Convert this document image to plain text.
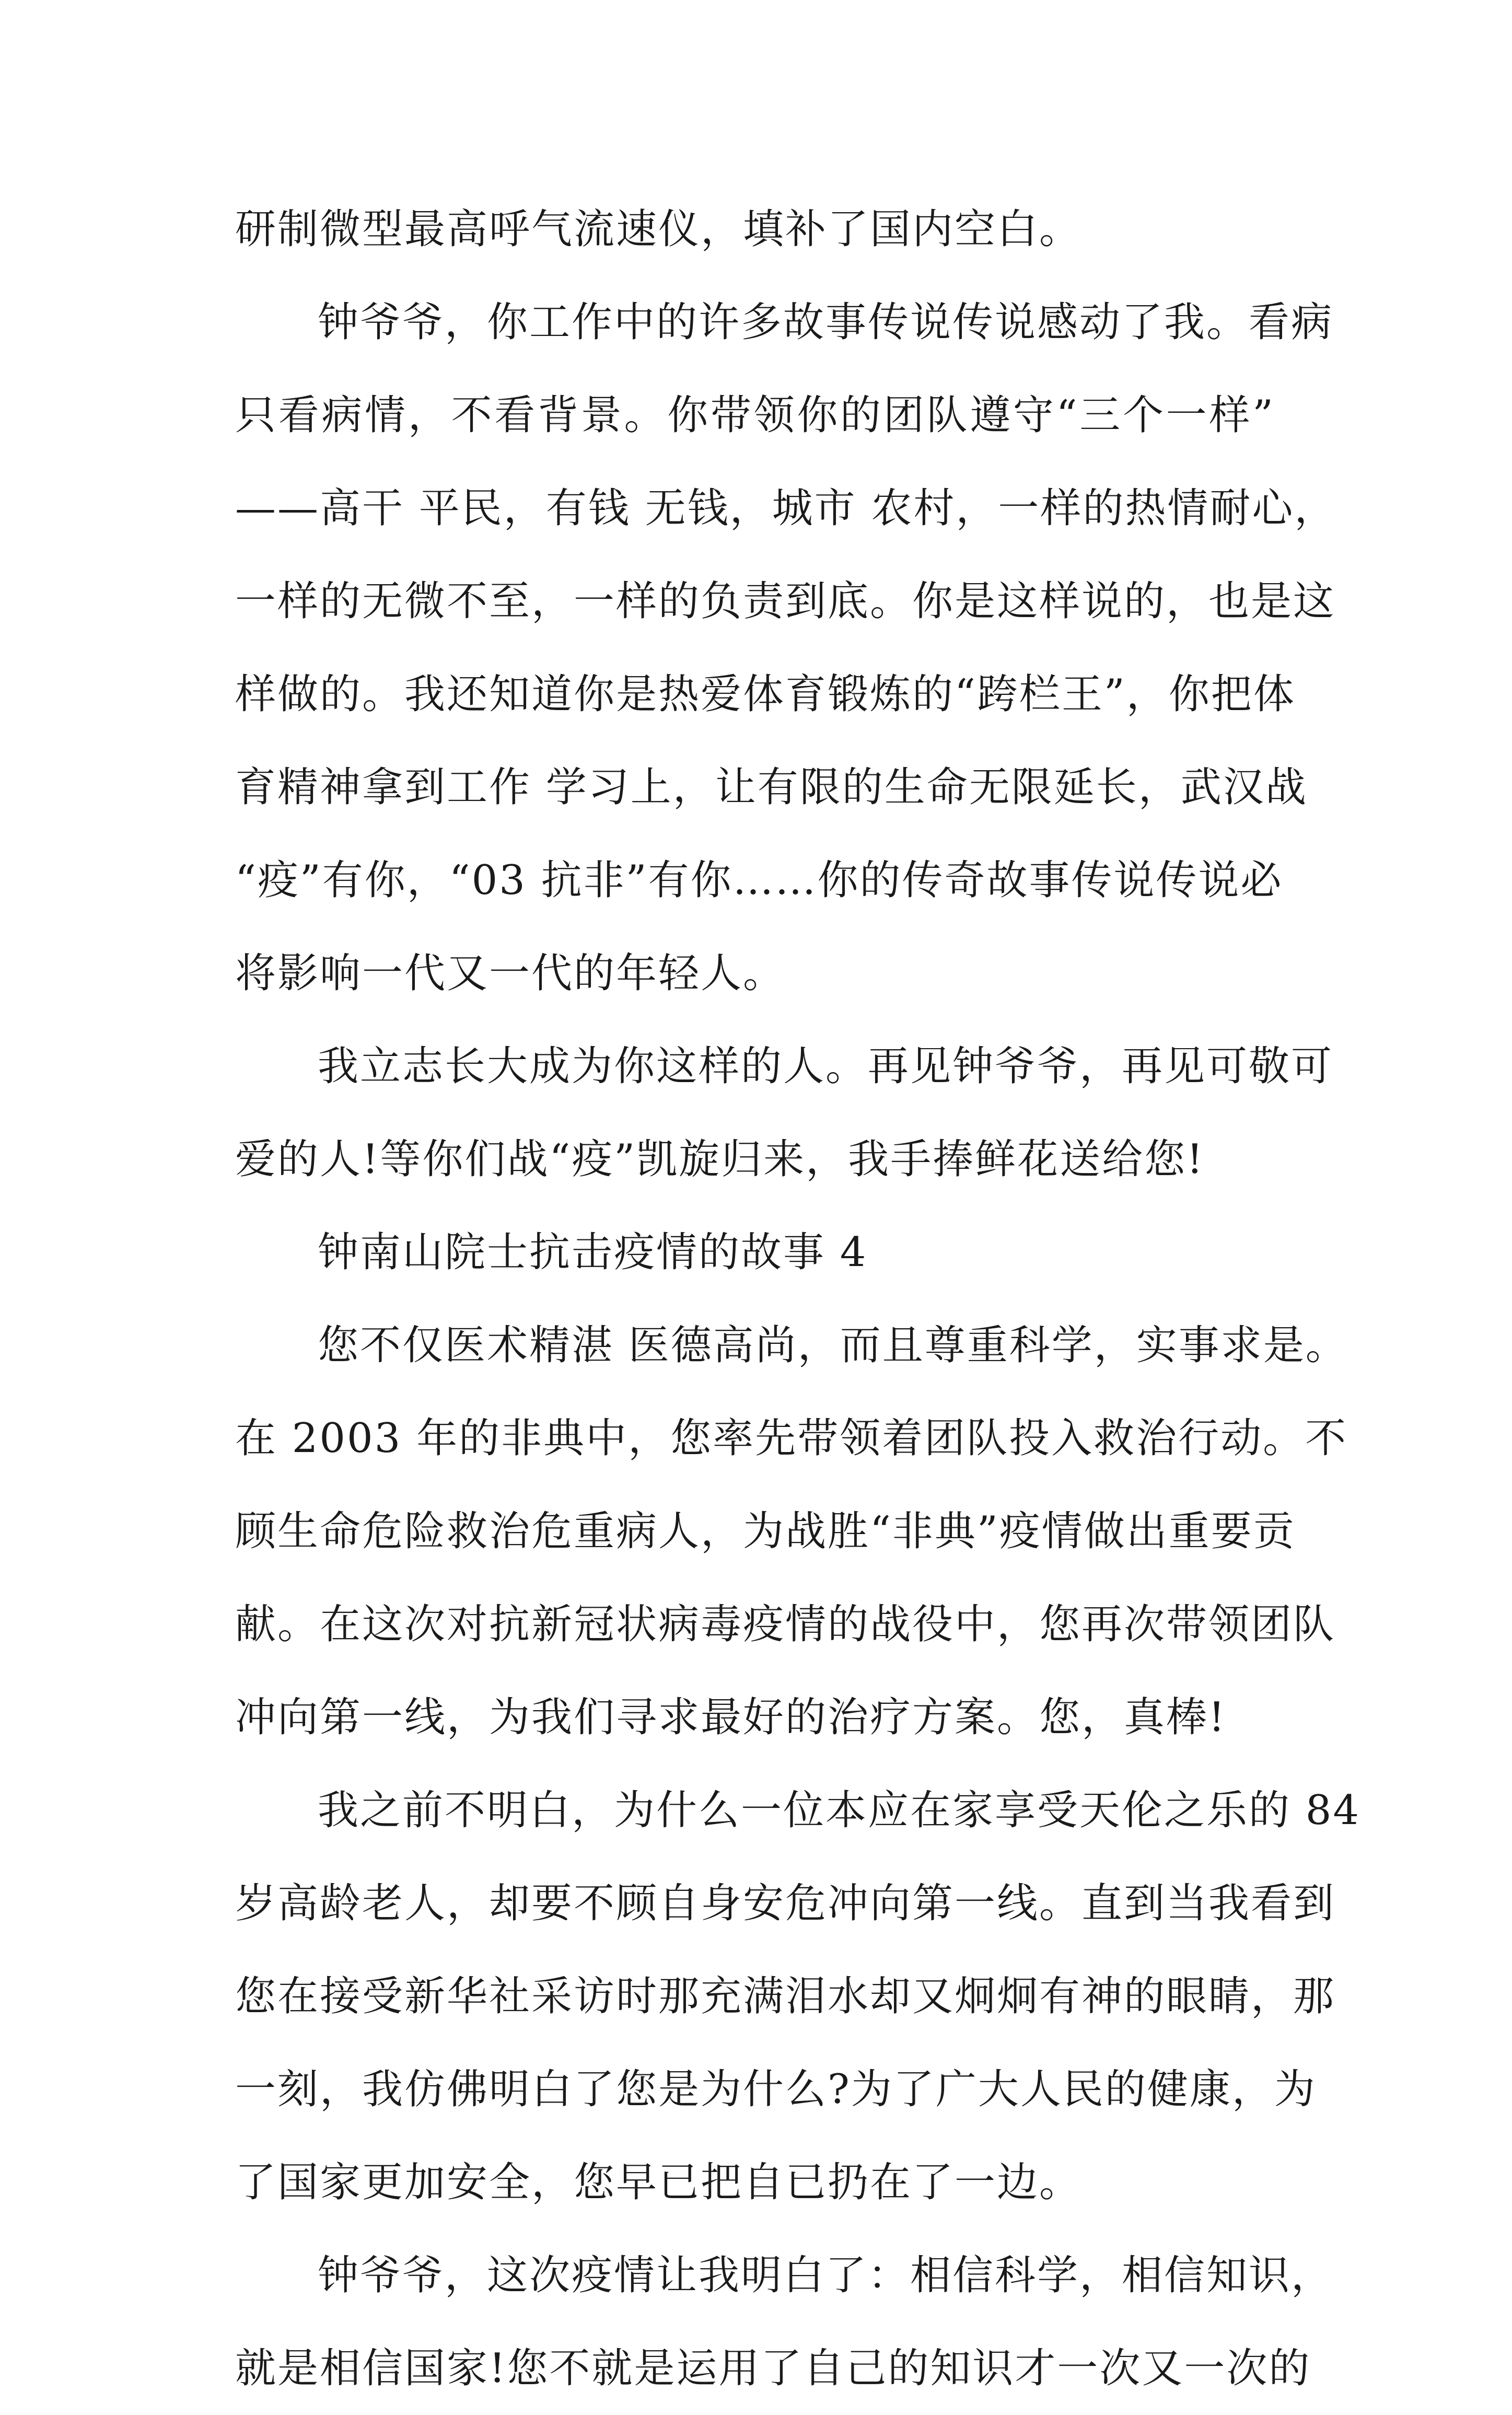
研制微型最高呼气流速仪，填补了国内空白。
钟爷爷，你工作中的许多故事传说传说感动了我。看病
只看病情，不看背景。你带领你的团队遵守“三个一样”
——高干 平民，有钱 无钱，城市 农村，一样的热情耐心，
一样的无微不至，一样的负责到底。你是这样说的，也是这
样做的。我还知道你是热爱体育锻炼的“跨栏王”，你把体
育精神拿到工作 学习上，让有限的生命无限延长，武汉战
“疫”有你，“03 抗非”有你……你的传奇故事传说传说必
将影响一代又一代的年轻人。
我立志长大成为你这样的人。再见钟爷爷，再见可敬可
爱的人!等你们战“疫”凯旋归来，我手捧鲜花送给您!
钟南山院士抗击疫情的故事 4
您不仅医术精湛 医德高尚，而且尊重科学，实事求是。
在 2003 年的非典中，您率先带领着团队投入救治行动。不
顾生命危险救治危重病人，为战胜“非典”疫情做出重要贡
献。在这次对抗新冠状病毒疫情的战役中，您再次带领团队
冲向第一线，为我们寻求最好的治疗方案。您，真棒!
我之前不明白，为什么一位本应在家享受天伦之乐的 84
岁高龄老人，却要不顾自身安危冲向第一线。直到当我看到
您在接受新华社采访时那充满泪水却又炯炯有神的眼睛，那
一刻，我仿佛明白了您是为什么?为了广大人民的健康，为
了国家更加安全，您早已把自已扔在了一边。
钟爷爷，这次疫情让我明白了：相信科学，相信知识，
就是相信国家!您不就是运用了自己的知识才一次又一次的
